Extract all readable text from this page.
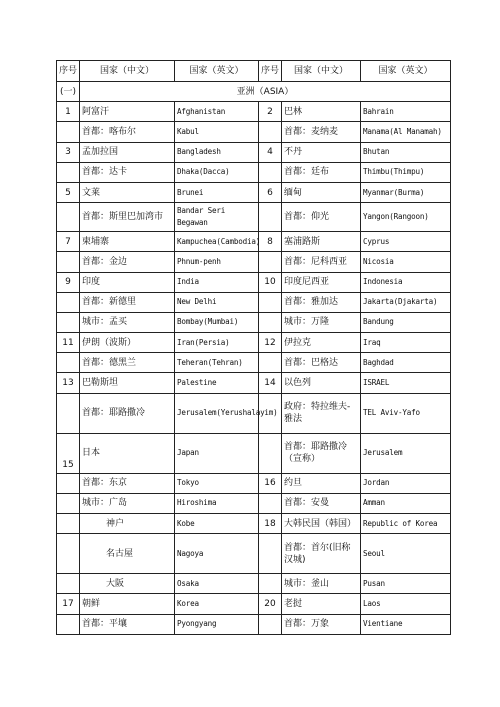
序号	国家（中文）	国家（英文）	序号	国家（中文）	国家（英文）
(一)	亚洲（ASIA）				
1	阿富汗	Afghanistan	2	巴林	Bahrain
	首都：喀布尔	Kabul		首都：麦纳麦	Manama(Al Manamah)
3	孟加拉国	Bangladesh	4	不丹	Bhutan
	首都：达卡	Dhaka(Dacca)		首都：廷布	Thimbu(Thimpu)
5	文莱	Brunei	6	缅甸	Myanmar(Burma)
	首都：斯里巴加湾市	Bandar Seri Begawan		首都：仰光	Yangon(Rangoon)
7	柬埔寨	Kampuchea(Cambodia)	8	塞浦路斯	Cyprus
	首都：金边	Phnum-penh		首都：尼科西亚	Nicosia
9	印度	India	10	印度尼西亚	Indonesia
	首都：新德里	New Delhi		首都：雅加达	Jakarta(Djakarta)
	城市：孟买	Bombay(Mumbai)		城市：万隆	Bandung
11	伊朗（波斯）	Iran(Persia)	12	伊拉克	Iraq
	首都：德黑兰	Teheran(Tehran)		首都：巴格达	Baghdad
13	巴勒斯坦	Palestine	14	以色列	ISRAEL
	首都：耶路撒冷	Jerusalem(Yerushalayim)		政府：特拉维夫-雅法	TEL Aviv-Yafo
15	日本	Japan		首都：耶路撒冷（宣称）	Jerusalem
	首都：东京	Tokyo	16	约旦	Jordan
	城市：广岛	Hiroshima		首都：安曼	Amman
	神户	Kobe	18	大韩民国（韩国）	Republic of Korea
	名古屋	Nagoya		首都：首尔(旧称汉城)	Seoul
	大阪	Osaka		城市：釜山	Pusan
17	朝鲜	Korea	20	老挝	Laos
	首都：平壤	Pyongyang		首都：万象	Vientiane
